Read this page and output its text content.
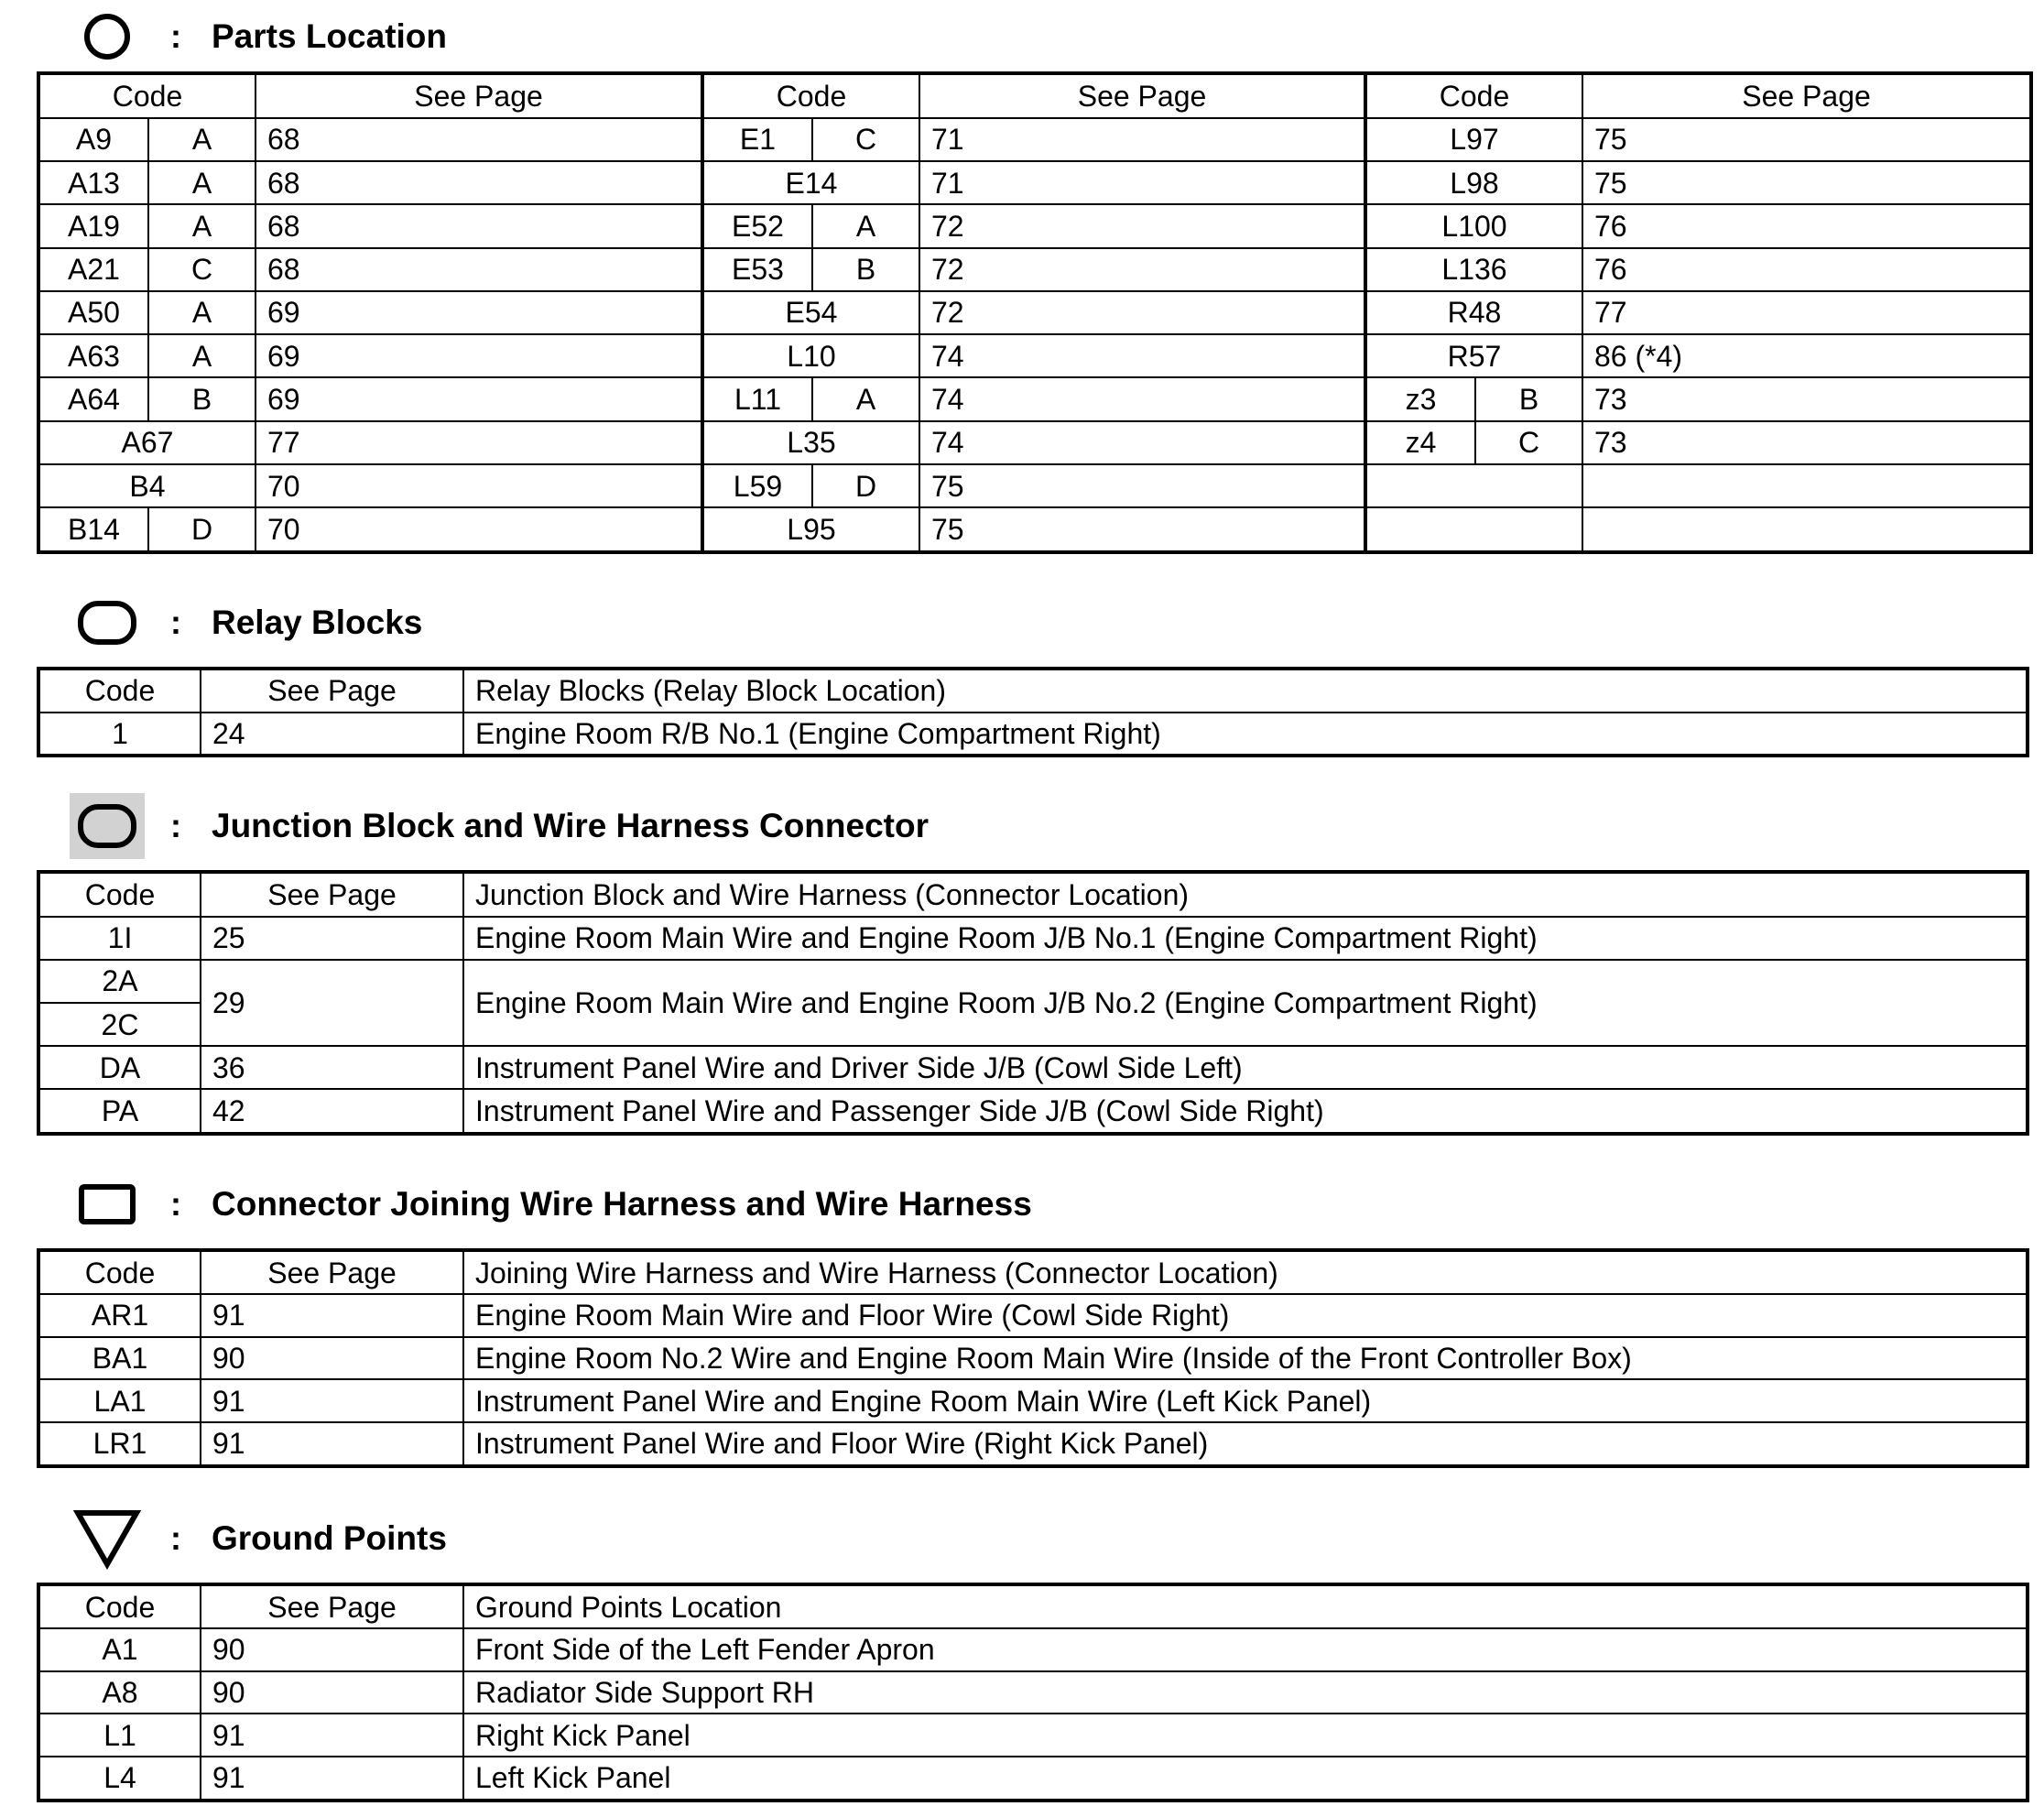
: Parts Location
Code		See Page	Code		See Page	Code		See Page
A9	A	68	E1	C	71	L97		75
A13	A	68	E14		71	L98		75
A19	A	68	E52	A	72	L100		76
A21	C	68	E53	B	72	L136		76
A50	A	69	E54		72	R48		77
A63	A	69	L10		74	R57		86 (*4)
A64	B	69	L11	A	74	z3	B	73
A67		77	L35		74	z4	C	73
B4		70	L59	D	75			
B14	D	70	L95		75			
: Relay Blocks
Code	See Page	Relay Blocks (Relay Block Location)
1	24	Engine Room R/B No.1 (Engine Compartment Right)
: Junction Block and Wire Harness Connector
Code	See Page	Junction Block and Wire Harness (Connector Location)
1I	25	Engine Room Main Wire and Engine Room J/B No.1 (Engine Compartment Right)
2A	29	Engine Room Main Wire and Engine Room J/B No.2 (Engine Compartment Right)
2C		
DA	36	Instrument Panel Wire and Driver Side J/B (Cowl Side Left)
PA	42	Instrument Panel Wire and Passenger Side J/B (Cowl Side Right)
: Connector Joining Wire Harness and Wire Harness
Code	See Page	Joining Wire Harness and Wire Harness (Connector Location)
AR1	91	Engine Room Main Wire and Floor Wire (Cowl Side Right)
BA1	90	Engine Room No.2 Wire and Engine Room Main Wire (Inside of the Front Controller Box)
LA1	91	Instrument Panel Wire and Engine Room Main Wire (Left Kick Panel)
LR1	91	Instrument Panel Wire and Floor Wire (Right Kick Panel)
: Ground Points
Code	See Page	Ground Points Location
A1	90	Front Side of the Left Fender Apron
A8	90	Radiator Side Support RH
L1	91	Right Kick Panel
L4	91	Left Kick Panel
